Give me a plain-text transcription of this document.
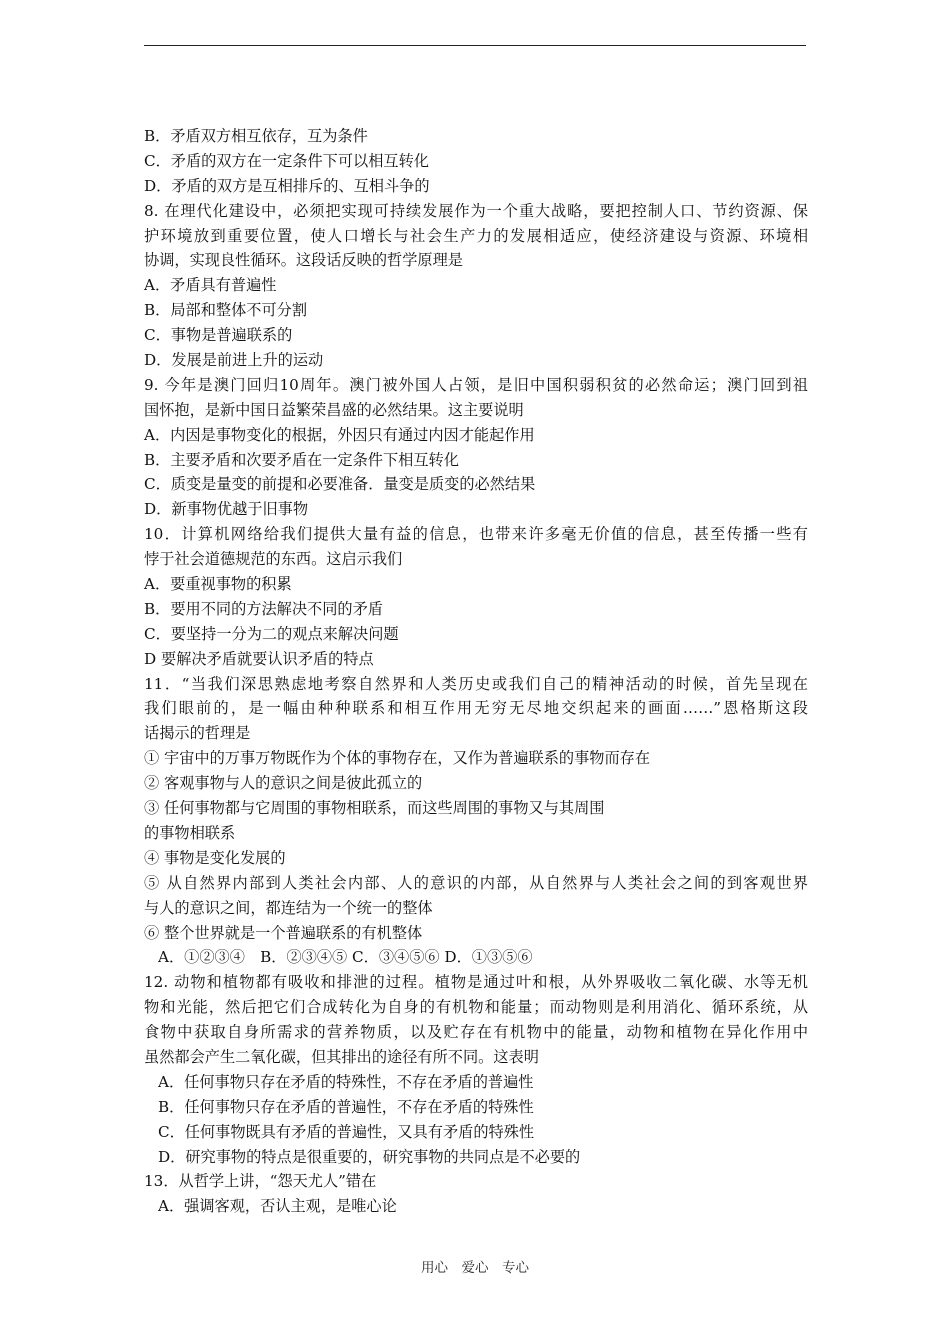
B．矛盾双方相互依存，互为条件
C．矛盾的双方在一定条件下可以相互转化
D．矛盾的双方是互相排斥的、互相斗争的
8. 在理代化建设中，必须把实现可持续发展作为一个重大战略，要把控制人口、节约资源、保
护环境放到重要位置，使人口增长与社会生产力的发展相适应，使经济建设与资源、环境相
协调，实现良性循环。这段话反映的哲学原理是
A．矛盾具有普遍性
B．局部和整体不可分割
C．事物是普遍联系的
D．发展是前进上升的运动
9. 今年是澳门回归10周年。澳门被外国人占领，是旧中国积弱积贫的必然命运；澳门回到祖
国怀抱，是新中国日益繁荣昌盛的必然结果。这主要说明
A．内因是事物变化的根据，外因只有通过内因才能起作用
B．主要矛盾和次要矛盾在一定条件下相互转化
C．质变是量变的前提和必要准备．量变是质变的必然结果
D．新事物优越于旧事物
10．计算机网络给我们提供大量有益的信息，也带来许多毫无价值的信息，甚至传播一些有
悖于社会道德规范的东西。这启示我们
A．要重视事物的积累
B．要用不同的方法解决不同的矛盾
C．要坚持一分为二的观点来解决问题
D 要解决矛盾就要认识矛盾的特点
11．“当我们深思熟虑地考察自然界和人类历史或我们自己的精神活动的时候，首先呈现在
我们眼前的，是一幅由种种联系和相互作用无穷无尽地交织起来的画面……”恩格斯这段
话揭示的哲理是
① 宇宙中的万事万物既作为个体的事物存在，又作为普遍联系的事物而存在
② 客观事物与人的意识之间是彼此孤立的
③ 任何事物都与它周围的事物相联系，而这些周围的事物又与其周围
的事物相联系
④ 事物是变化发展的
⑤ 从自然界内部到人类社会内部、人的意识的内部，从自然界与人类社会之间的到客观世界
与人的意识之间，都连结为一个统一的整体
⑥ 整个世界就是一个普遍联系的有机整体
A．①②③④　B．②③④⑤ C．③④⑤⑥ D．①③⑤⑥
12. 动物和植物都有吸收和排泄的过程。植物是通过叶和根，从外界吸收二氧化碳、水等无机
物和光能，然后把它们合成转化为自身的有机物和能量；而动物则是利用消化、循环系统，从
食物中获取自身所需求的营养物质，以及贮存在有机物中的能量，动物和植物在异化作用中
虽然都会产生二氧化碳，但其排出的途径有所不同。这表明
A．任何事物只存在矛盾的特殊性，不存在矛盾的普遍性
B．任何事物只存在矛盾的普遍性，不存在矛盾的特殊性
C．任何事物既具有矛盾的普遍性，又具有矛盾的特殊性
D．研究事物的特点是很重要的，研究事物的共同点是不必要的
13．从哲学上讲，“怨天尤人”错在
A．强调客观，否认主观，是唯心论
用心　爱心　专心
